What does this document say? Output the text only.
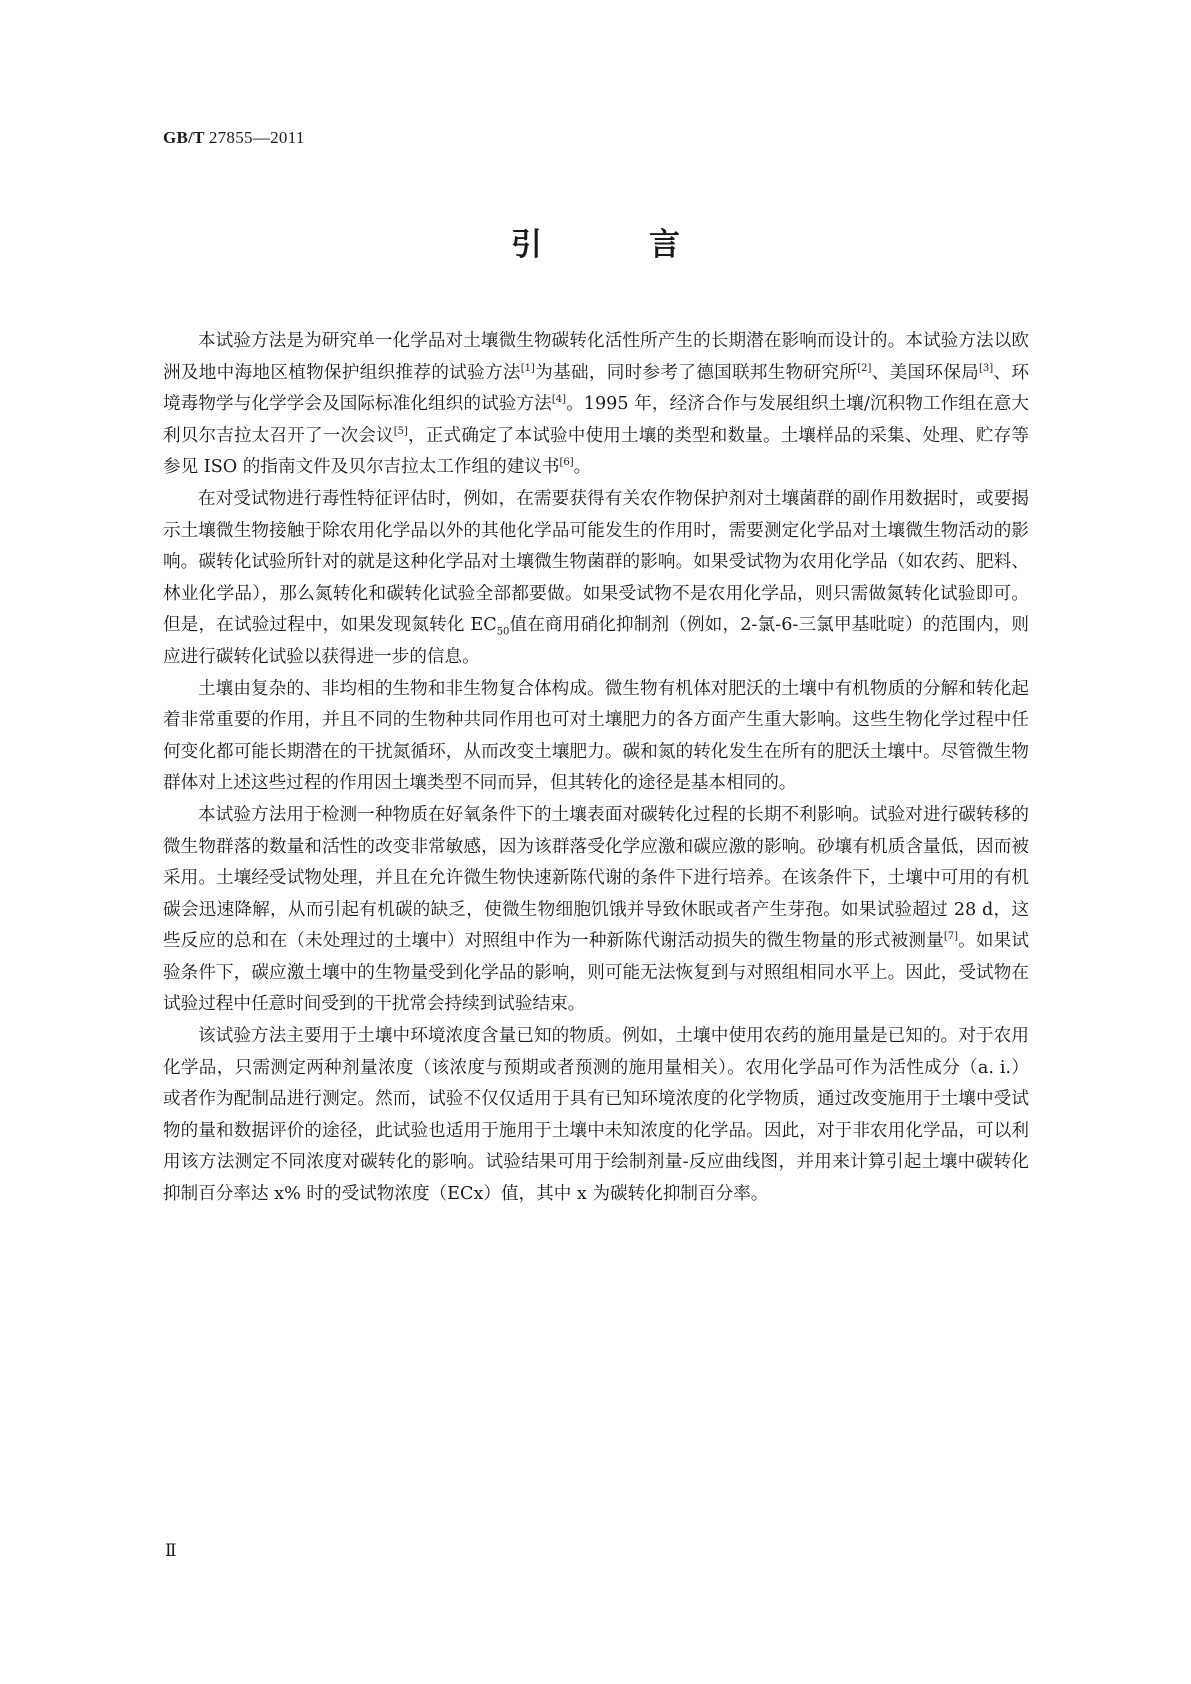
GB/T 27855—2011
引　言

本试验方法是为研究单一化学品对土壤微生物碳转化活性所产生的长期潜在影响而设计的。本试验方法以欧洲及地中海地区植物保护组织推荐的试验方法[1]为基础，同时参考了德国联邦生物研究所[2]、美国环保局[3]、环境毒物学与化学学会及国际标准化组织的试验方法[4]。1995 年，经济合作与发展组织土壤/沉积物工作组在意大利贝尔吉拉太召开了一次会议[5]，正式确定了本试验中使用土壤的类型和数量。土壤样品的采集、处理、贮存等参见 ISO 的指南文件及贝尔吉拉太工作组的建议书[6]。

在对受试物进行毒性特征评估时，例如，在需要获得有关农作物保护剂对土壤菌群的副作用数据时，或要揭示土壤微生物接触于除农用化学品以外的其他化学品可能发生的作用时，需要测定化学品对土壤微生物活动的影响。碳转化试验所针对的就是这种化学品对土壤微生物菌群的影响。如果受试物为农用化学品（如农药、肥料、林业化学品），那么氮转化和碳转化试验全部都要做。如果受试物不是农用化学品，则只需做氮转化试验即可。但是，在试验过程中，如果发现氮转化 $EC_{50}$值在商用硝化抑制剂（例如，2-氯-6-三氯甲基吡啶）的范围内，则应进行碳转化试验以获得进一步的信息。

土壤由复杂的、非均相的生物和非生物复合体构成。微生物有机体对肥沃的土壤中有机物质的分解和转化起着非常重要的作用，并且不同的生物种共同作用也可对土壤肥力的各方面产生重大影响。这些生物化学过程中任何变化都可能长期潜在的干扰氮循环，从而改变土壤肥力。碳和氮的转化发生在所有的肥沃土壤中。尽管微生物群体对上述这些过程的作用因土壤类型不同而异，但其转化的途径是基本相同的。

本试验方法用于检测一种物质在好氧条件下的土壤表面对碳转化过程的长期不利影响。试验对进行碳转移的微生物群落的数量和活性的改变非常敏感，因为该群落受化学应激和碳应激的影响。砂壤有机质含量低，因而被采用。土壤经受试物处理，并且在允许微生物快速新陈代谢的条件下进行培养。在该条件下，土壤中可用的有机碳会迅速降解，从而引起有机碳的缺乏，使微生物细胞饥饿并导致休眠或者产生芽孢。如果试验超过 28 d，这些反应的总和在（未处理过的土壤中）对照组中作为一种新陈代谢活动损失的微生物量的形式被测量[7]。如果试验条件下，碳应激土壤中的生物量受到化学品的影响，则可能无法恢复到与对照组相同水平上。因此，受试物在试验过程中任意时间受到的干扰常会持续到试验结束。

该试验方法主要用于土壤中环境浓度含量已知的物质。例如，土壤中使用农药的施用量是已知的。对于农用化学品，只需测定两种剂量浓度（该浓度与预期或者预测的施用量相关）。农用化学品可作为活性成分（a. i.）或者作为配制品进行测定。然而，试验不仅仅适用于具有已知环境浓度的化学物质，通过改变施用于土壤中受试物的量和数据评价的途径，此试验也适用于施用于土壤中未知浓度的化学品。因此，对于非农用化学品，可以利用该方法测定不同浓度对碳转化的影响。试验结果可用于绘制剂量-反应曲线图，并用来计算引起土壤中碳转化抑制百分率达 x% 时的受试物浓度（ECx）值，其中 x 为碳转化抑制百分率。

Ⅱ
